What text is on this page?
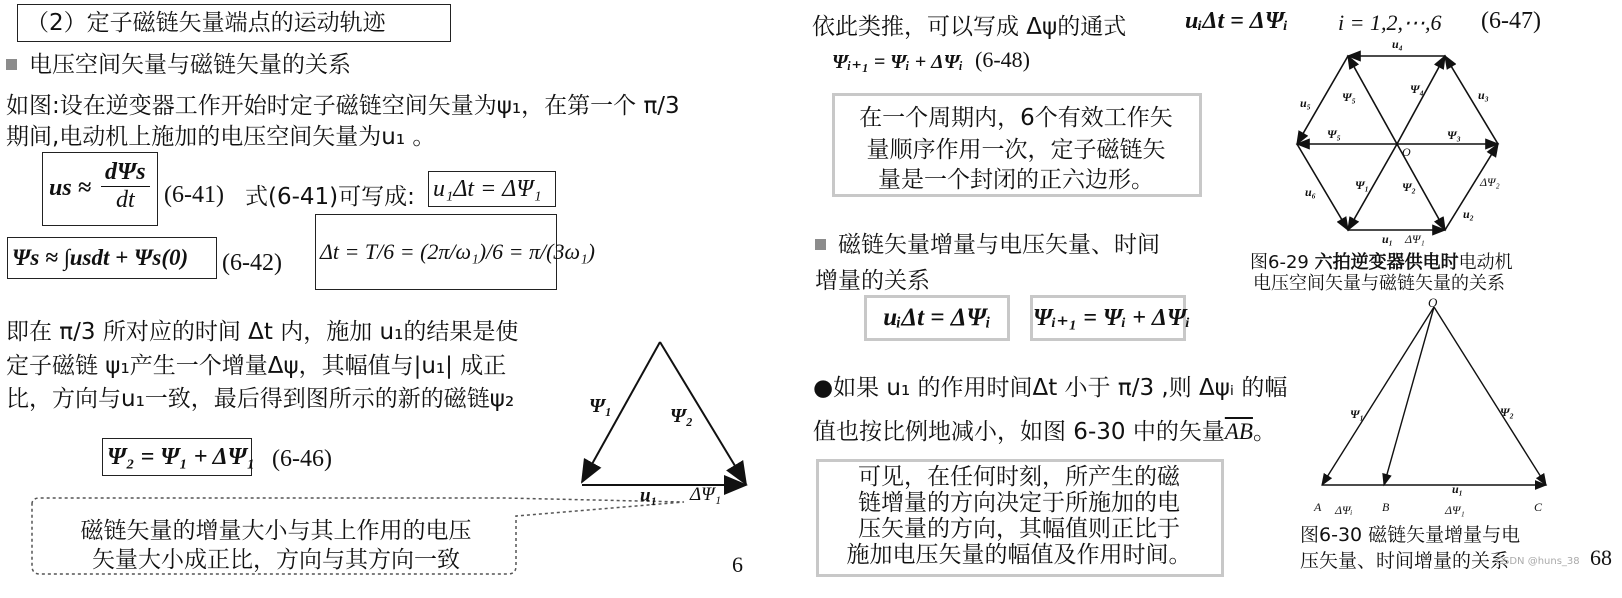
（2）定子磁链矢量端点的运动轨迹
电压空间矢量与磁链矢量的关系
如图:设在逆变器工作开始时定子磁链空间矢量为ψ₁，在第一个 π/3
期间,电动机上施加的电压空间矢量为u₁ 。
us ≈
dΨs
dt	(6-41) 式(6-41)可写成: u₁Δt = ΔΨ₁
Ψs ≈ ∫usdt + Ψs(0)	(6-42) Δt = T/6 = (2π/ω₁)/6 = π/(3ω₁)
即在 π/3 所对应的时间 Δt 内，施加 u₁的结果是使
定子磁链 ψ₁产生一个增量Δψ，其幅值与|u₁| 成正
比，方向与u₁一致，最后得到图所示的新的磁链ψ₂
Ψ₂ = Ψ₁ + ΔΨ₁ (6-46)
磁链矢量的增量大小与其上作用的电压
矢量大小成正比，方向与其方向一致
Ψ₁	Ψ₂
u₁ ΔΨ₁
6
依此类推，可以写成 Δψ的通式 uᵢΔt = ΔΨᵢ i = 1,2,⋯,6 (6-47)
Ψᵢ₊₁ = Ψᵢ + ΔΨᵢ (6-48)
在一个周期内，6个有效工作矢
量顺序作用一次，定子磁链矢
量是一个封闭的正六边形。
磁链矢量增量与电压矢量、时间
增量的关系
uᵢΔt = ΔΨᵢ	Ψᵢ₊₁ = Ψᵢ + ΔΨᵢ
●如果 u₁ 的作用时间Δt 小于 π/3 ,则 Δψᵢ 的幅
值也按比例地减小，如图 6-30 中的矢量$\overline{AB}$。
可见，在任何时刻，所产生的磁
链增量的方向决定于所施加的电
压矢量的方向，其幅值则正比于
施加电压矢量的幅值及作用时间。
u₄
u₃
u₅
u₆
u₂
u₁ ΔΨ₁
ΔΨ₂
Ψ₅
Ψ₄
Ψ₅	Ψ₃
Ψ₁	Ψ₂
O
图6-29 六拍逆变器供电时电动机
电压空间矢量与磁链矢量的关系
O
Ψ₁	Ψ₂
u₁
A ΔΨᵢ B	ΔΨ₁	C
图6-30 磁链矢量增量与电
压矢量、时间增量的关系	68
CSDN @huns_38
